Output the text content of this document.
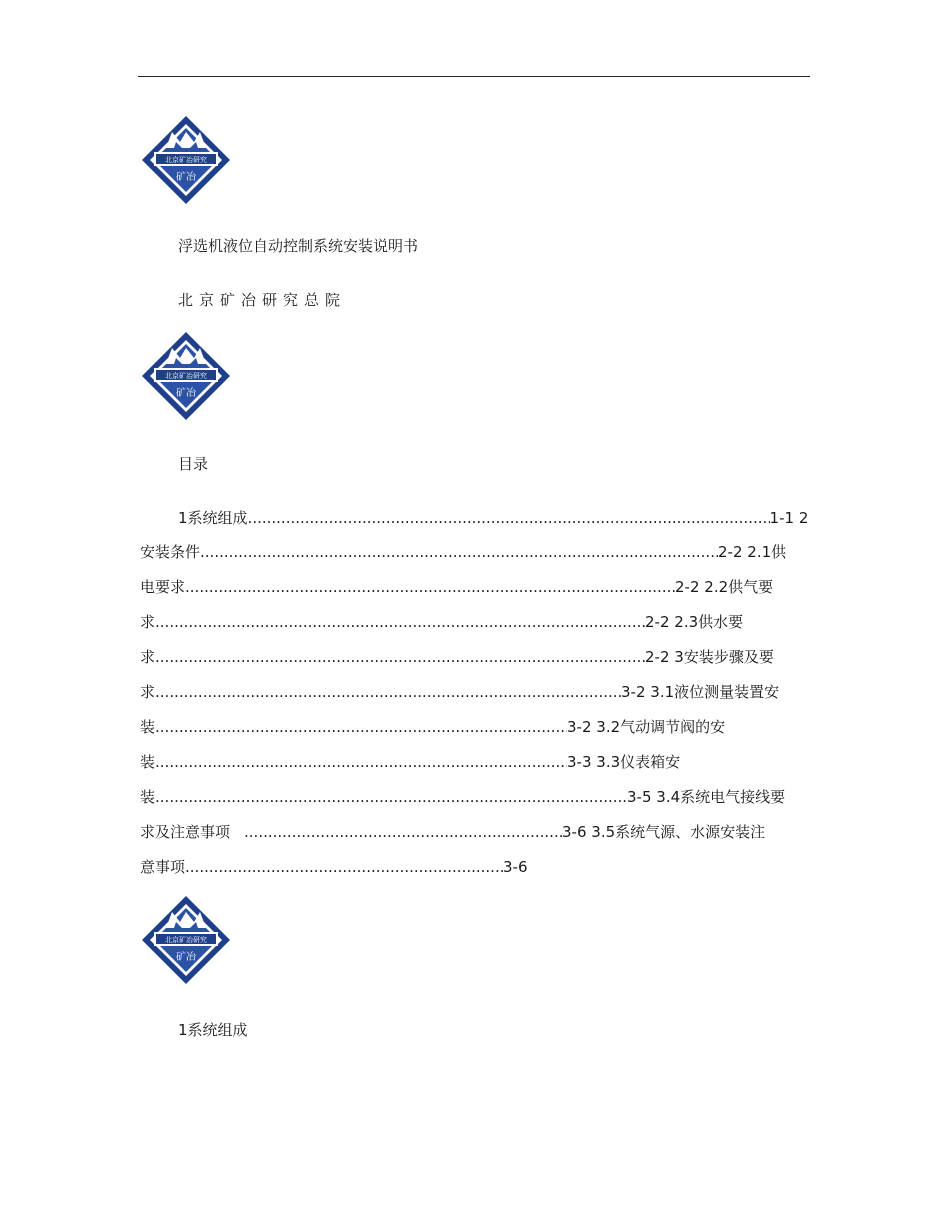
北京矿冶研究
矿冶
浮选机液位自动控制系统安装说明书
北京矿冶研究总院
北京矿冶研究
矿冶
目录
1系统组成 .....	1-1 2
安装条件 .....	2-2 2.1供
电要求 .....	2-2 2.2供气要
求 .....	2-2 2.3供水要
求 .....	2-2 3安装步骤及要
求 .....	3-2 3.1液位测量装置安
装 .....	3-2 3.2气动调节阀的安
装 .....	3-3 3.3仪表箱安
装 .....	3-5 3.4系统电气接线要
求及注意事项 .....	3-6 3.5系统气源、水源安装注
意事项 .....	3-6
北京矿冶研究
矿冶
1系统组成
